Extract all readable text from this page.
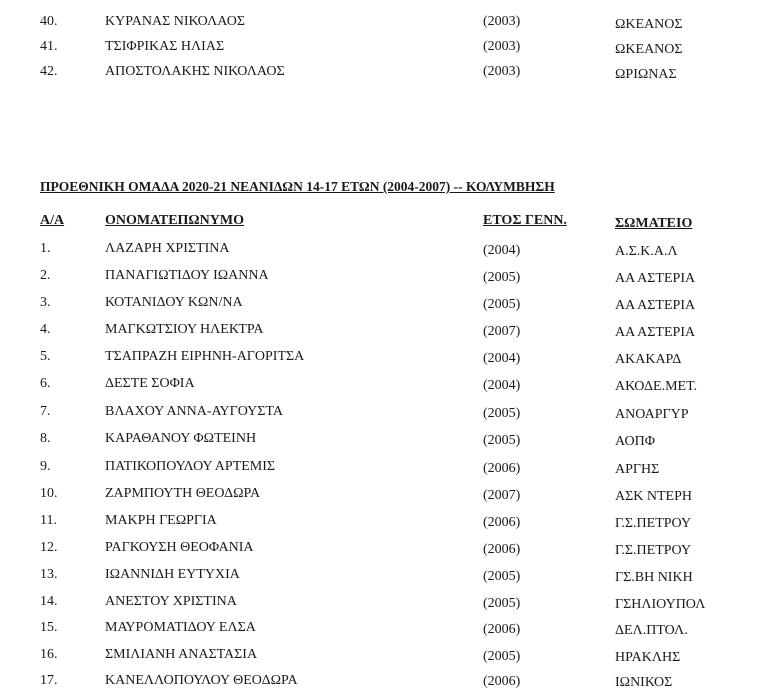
40.	ΚΥΡΑΝΑΣ ΝΙΚΟΛΑΟΣ	(2003)	ΩΚΕΑΝΟΣ
41.	ΤΣΙΦΡΙΚΑΣ ΗΛΙΑΣ	(2003)	ΩΚΕΑΝΟΣ
42.	ΑΠΟΣΤΟΛΑΚΗΣ ΝΙΚΟΛΑΟΣ	(2003)	ΩΡΙΩΝΑΣ
ΠΡΟΕΘΝΙΚΗ ΟΜΑΔΑ 2020-21 ΝΕΑΝΙΔΩΝ 14-17 ΕΤΩΝ (2004-2007) -- ΚΟΛΥΜΒΗΣΗ
Α/Α	ΟΝΟΜΑΤΕΠΩΝΥΜΟ	ΕΤΟΣ ΓΕΝΝ.	ΣΩΜΑΤΕΙΟ
1.	ΛΑΖΑΡΗ ΧΡΙΣΤΙΝΑ	(2004)	Α.Σ.Κ.Α.Λ
2.	ΠΑΝΑΓΙΩΤΙΔΟΥ ΙΩΑΝΝΑ	(2005)	ΑΑ ΑΣΤΕΡΙΑ
3.	ΚΟΤΑΝΙΔΟΥ ΚΩΝ/ΝΑ	(2005)	ΑΑ ΑΣΤΕΡΙΑ
4.	ΜΑΓΚΩΤΣΙΟΥ ΗΛΕΚΤΡΑ	(2007)	ΑΑ ΑΣΤΕΡΙΑ
5.	ΤΣΑΠΡΑΖΗ ΕΙΡΗΝΗ-ΑΓΟΡΙΤΣΑ	(2004)	ΑΚΑΚΑΡΔ
6.	ΔΕΣΤΕ ΣΟΦΙΑ	(2004)	ΑΚΟΔΕ.ΜΕΤ.
7.	ΒΛΑΧΟΥ ΑΝΝΑ-ΑΥΓΟΥΣΤΑ	(2005)	ΑΝΟΑΡΓΥΡ
8.	ΚΑΡΑΘΑΝΟΥ ΦΩΤΕΙΝΗ	(2005)	ΑΟΠΦ
9.	ΠΑΤΙΚΟΠΟΥΛΟΥ ΑΡΤΕΜΙΣ	(2006)	ΑΡΓΗΣ
10.	ΖΑΡΜΠΟΥΤΗ ΘΕΟΔΩΡΑ	(2007)	ΑΣΚ ΝΤΕΡΗ
11.	ΜΑΚΡΗ ΓΕΩΡΓΙΑ	(2006)	Γ.Σ.ΠΕΤΡΟΥ
12.	ΡΑΓΚΟΥΣΗ ΘΕΟΦΑΝΙΑ	(2006)	Γ.Σ.ΠΕΤΡΟΥ
13.	ΙΩΑΝΝΙΔΗ ΕΥΤΥΧΙΑ	(2005)	ΓΣ.ΒΗ ΝΙΚΗ
14.	ΑΝΕΣΤΟΥ ΧΡΙΣΤΙΝΑ	(2005)	ΓΣΗΛΙΟΥΠΟΛ
15.	ΜΑΥΡΟΜΑΤΙΔΟΥ ΕΛΣΑ	(2006)	ΔΕΛ.ΠΤΟΛ.
16.	ΣΜΙΛΙΑΝΗ ΑΝΑΣΤΑΣΙΑ	(2005)	ΗΡΑΚΛΗΣ
17.	ΚΑΝΕΛΛΟΠΟΥΛΟΥ ΘΕΟΔΩΡΑ	(2006)	ΙΩΝΙΚΟΣ
